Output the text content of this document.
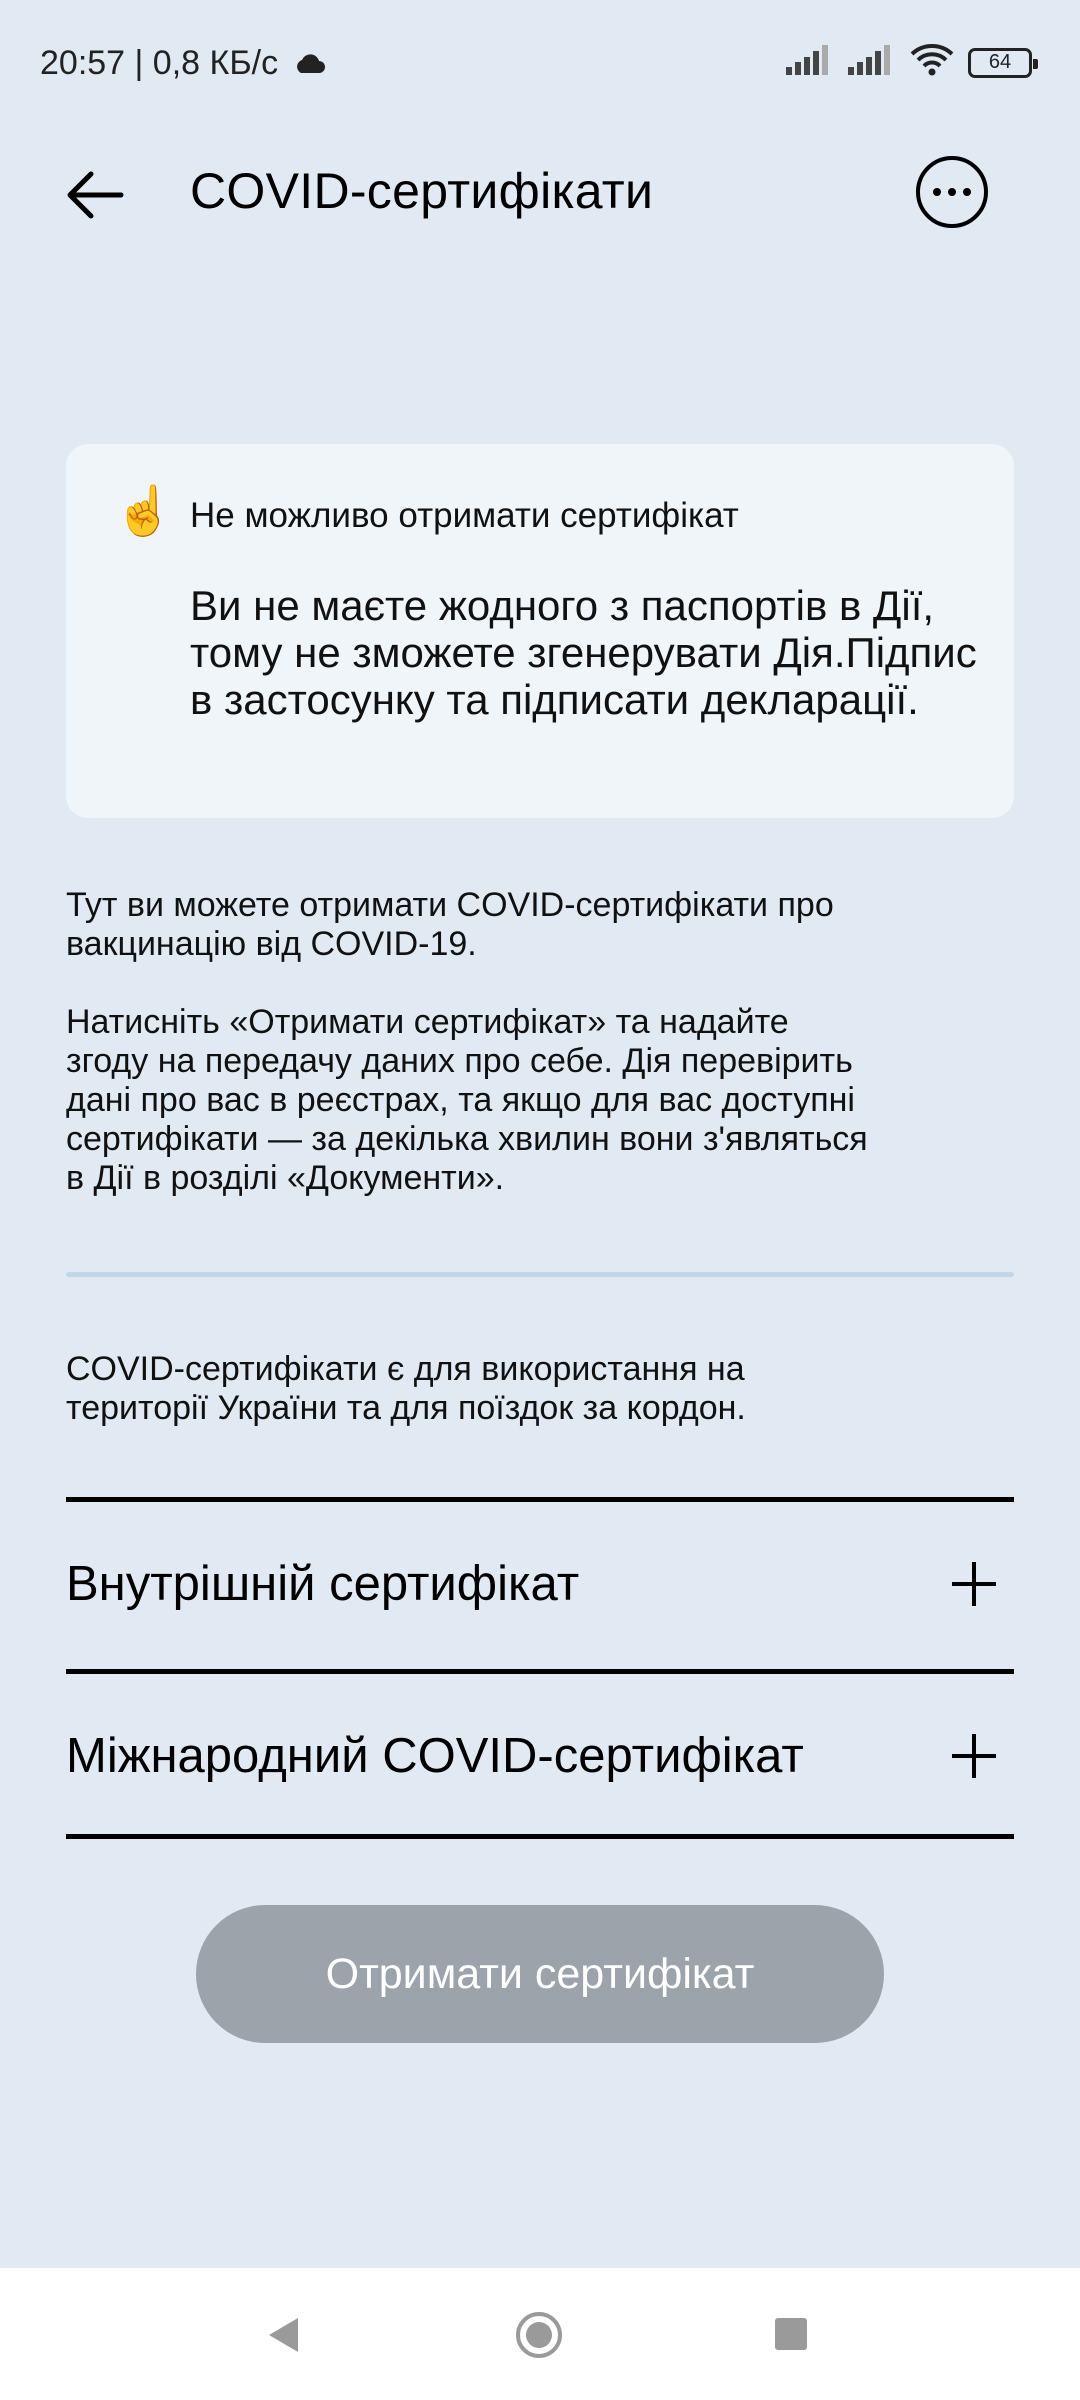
20:57 | 0,8 КБ/с	64
COVID-сертифікати
☝️ Не можливо отримати сертифікат
Ви не маєте жодного з паспортів в Дії, тому не зможете згенерувати Дія.Підпис в застосунку та підписати декларації.
Тут ви можете отримати COVID-сертифікати про
вакцинацію від COVID-19.
Натисніть «Отримати сертифікат» та надайте
згоду на передачу даних про себе. Дія перевірить
дані про вас в реєстрах, та якщо для вас доступні
сертифікати — за декілька хвилин вони з'являться
в Дії в розділі «Документи».
COVID-сертифікати є для використання на
території України та для поїздок за кордон.
Внутрішній сертифікат
Міжнародний COVID-сертифікат
Отримати сертифікат
